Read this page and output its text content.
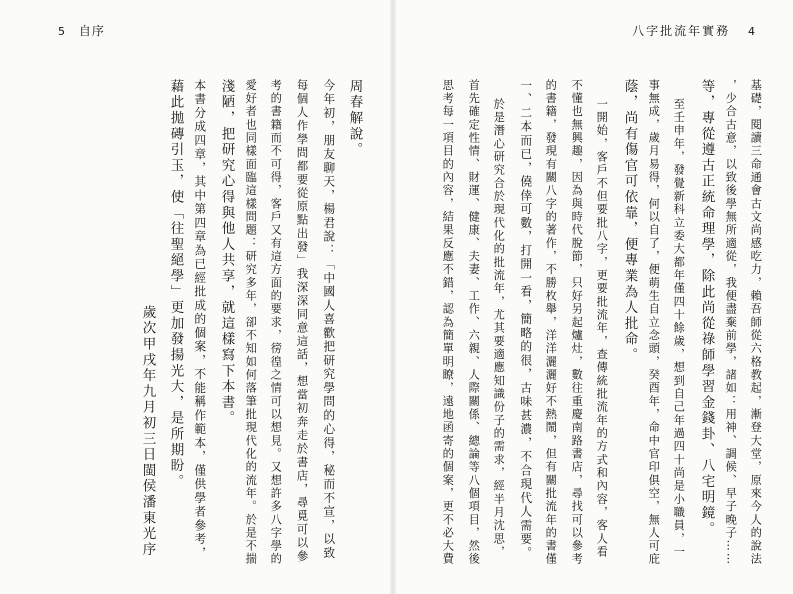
5 自序
周春解說。
今年初，朋友聊天，楊君說：「中國人喜歡把研究學問的心得，秘而不宣，以致
每個人作學問都要從原點出發」我深深同意這話，想當初奔走於書店，尋覓可以參
考的書籍而不可得，客戶又有這方面的要求，徬徨之情可以想見。又想許多八字學的
愛好者也同樣面臨這樣問題：研究多年，卻不知如何落筆批現代化的流年。於是不揣
淺陋，把研究心得與他人共享，就這樣寫下本書。
本書分成四章，其中第四章為已經批成的個案，不能稱作範本，僅供學者參考，
藉此拋磚引玉，使「往聖絕學」更加發揚光大，是所期盼。
歲次甲戌年九月初三日閩侯潘東光序
八字批流年實務 4
基礎，閱讀三命通會古文尚感吃力，賴吾師從六格教起，漸登大堂，原來今人的說法
，少合古意，以致後學無所適從，我便盡棄前學，諸如：用神、調候、早子晚子……
等，專從遵古正統命理學，除此尚從祿師學習金錢卦、八宅明鏡。
至壬申年，發覺新科立委大都年僅四十餘歲，想到自己年過四十尚是小職員，一
事無成，歲月易得，何以自了，便萌生自立念頭，癸酉年，命中官印俱空，無人可庇
蔭，尚有傷官可依靠，便專業為人批命。
一開始，客戶不但要批八字，更要批流年，查傳統批流年的方式和內容，客人看
不懂也無興趣，因為與時代脫節，只好另起爐灶，數往重慶南路書店，尋找可以參考
的書籍，發現有關八字的著作，不勝枚舉，洋洋灑灑好不熱鬧，但有關批流年的書僅
一、二本而已，僥倖可數，打開一看，簡略的很，古味甚濃，不合現代人需要。
於是潛心研究合於現代化的批流年，尤其要適應知識份子的需求，經半月沈思，
首先確定性情、財運、健康、夫妻、工作、六親、人際關係、總論等八個項目，然後
思考每一項目的內容，結果反應不錯，認為簡單明瞭，遠地函寄的個案，更不必大費
